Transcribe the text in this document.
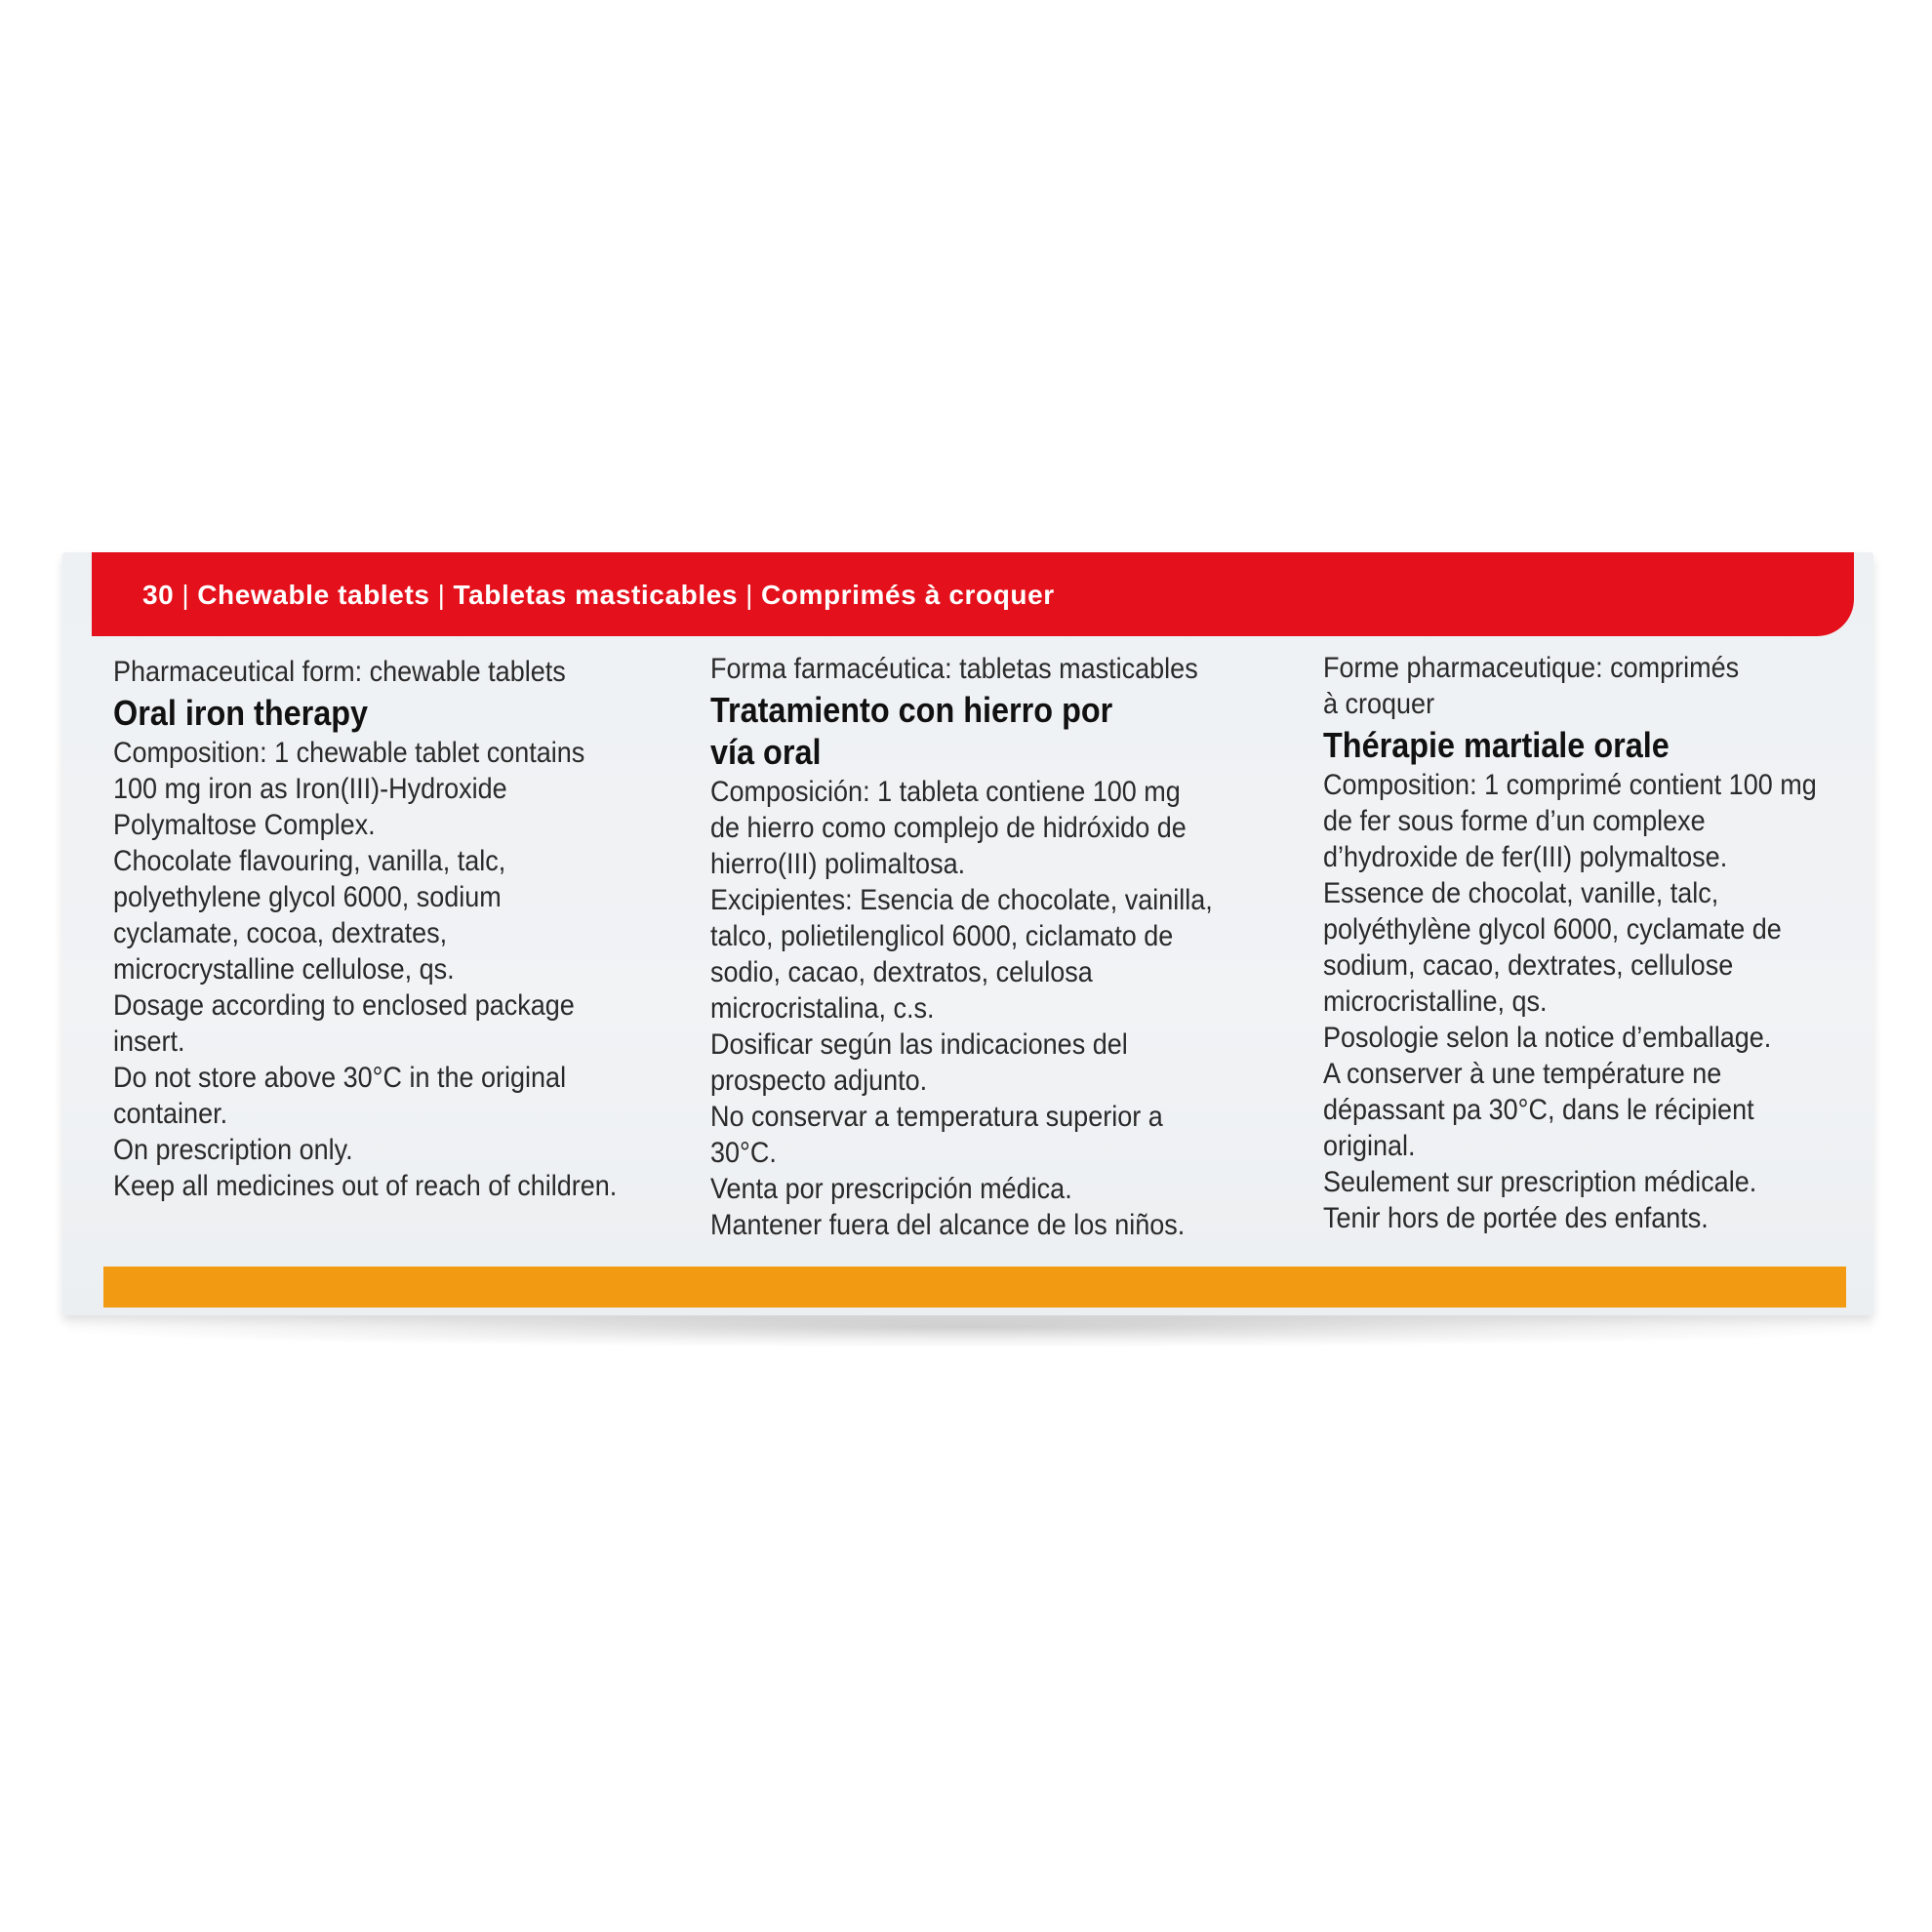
30 | Chewable tablets | Tabletas masticables | Comprimés à croquer
Pharmaceutical form: chewable tablets
Oral iron therapy
Composition: 1 chewable tablet contains
100 mg iron as Iron(III)-Hydroxide
Polymaltose Complex.
Chocolate flavouring, vanilla, talc,
polyethylene glycol 6000, sodium
cyclamate, cocoa, dextrates,
microcrystalline cellulose, qs.
Dosage according to enclosed package
insert.
Do not store above 30°C in the original
container.
On prescription only.
Keep all medicines out of reach of children.
Forma farmacéutica: tabletas masticables
Tratamiento con hierro por
vía oral
Composición: 1 tableta contiene 100 mg
de hierro como complejo de hidróxido de
hierro(III) polimaltosa.
Excipientes: Esencia de chocolate, vainilla,
talco, polietilenglicol 6000, ciclamato de
sodio, cacao, dextratos, celulosa
microcristalina, c.s.
Dosificar según las indicaciones del
prospecto adjunto.
No conservar a temperatura superior a
30°C.
Venta por prescripción médica.
Mantener fuera del alcance de los niños.
Forme pharmaceutique: comprimés
à croquer
Thérapie martiale orale
Composition: 1 comprimé contient 100 mg
de fer sous forme d’un complexe
d’hydroxide de fer(III) polymaltose.
Essence de chocolat, vanille, talc,
polyéthylène glycol 6000, cyclamate de
sodium, cacao, dextrates, cellulose
microcristalline, qs.
Posologie selon la notice d’emballage.
A conserver à une température ne
dépassant pa 30°C, dans le récipient
original.
Seulement sur prescription médicale.
Tenir hors de portée des enfants.
